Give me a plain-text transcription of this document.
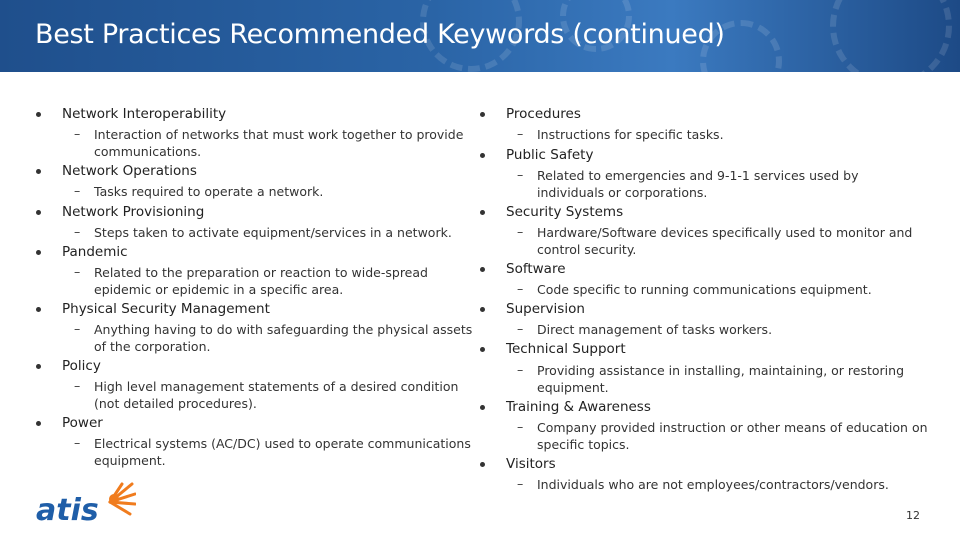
Best Practices Recommended Keywords (continued)
Network Interoperability
– Interaction of networks that must work together to provide communications.
Network Operations
– Tasks required to operate a network.
Network Provisioning
– Steps taken to activate equipment/services in a network.
Pandemic
– Related to the preparation or reaction to wide-spread epidemic or epidemic in a specific area.
Physical Security Management
– Anything having to do with safeguarding the physical assets of the corporation.
Policy
– High level management statements of a desired condition (not detailed procedures).
Power
– Electrical systems (AC/DC) used to operate communications equipment.
Procedures
– Instructions for specific tasks.
Public Safety
– Related to emergencies and 9-1-1 services used by individuals or corporations.
Security Systems
– Hardware/Software devices specifically used to monitor and control security.
Software
– Code specific to running communications equipment.
Supervision
– Direct management of tasks workers.
Technical Support
– Providing assistance in installing, maintaining, or restoring equipment.
Training & Awareness
– Company provided instruction or other means of education on specific topics.
Visitors
– Individuals who are not employees/contractors/vendors.
atis	12
